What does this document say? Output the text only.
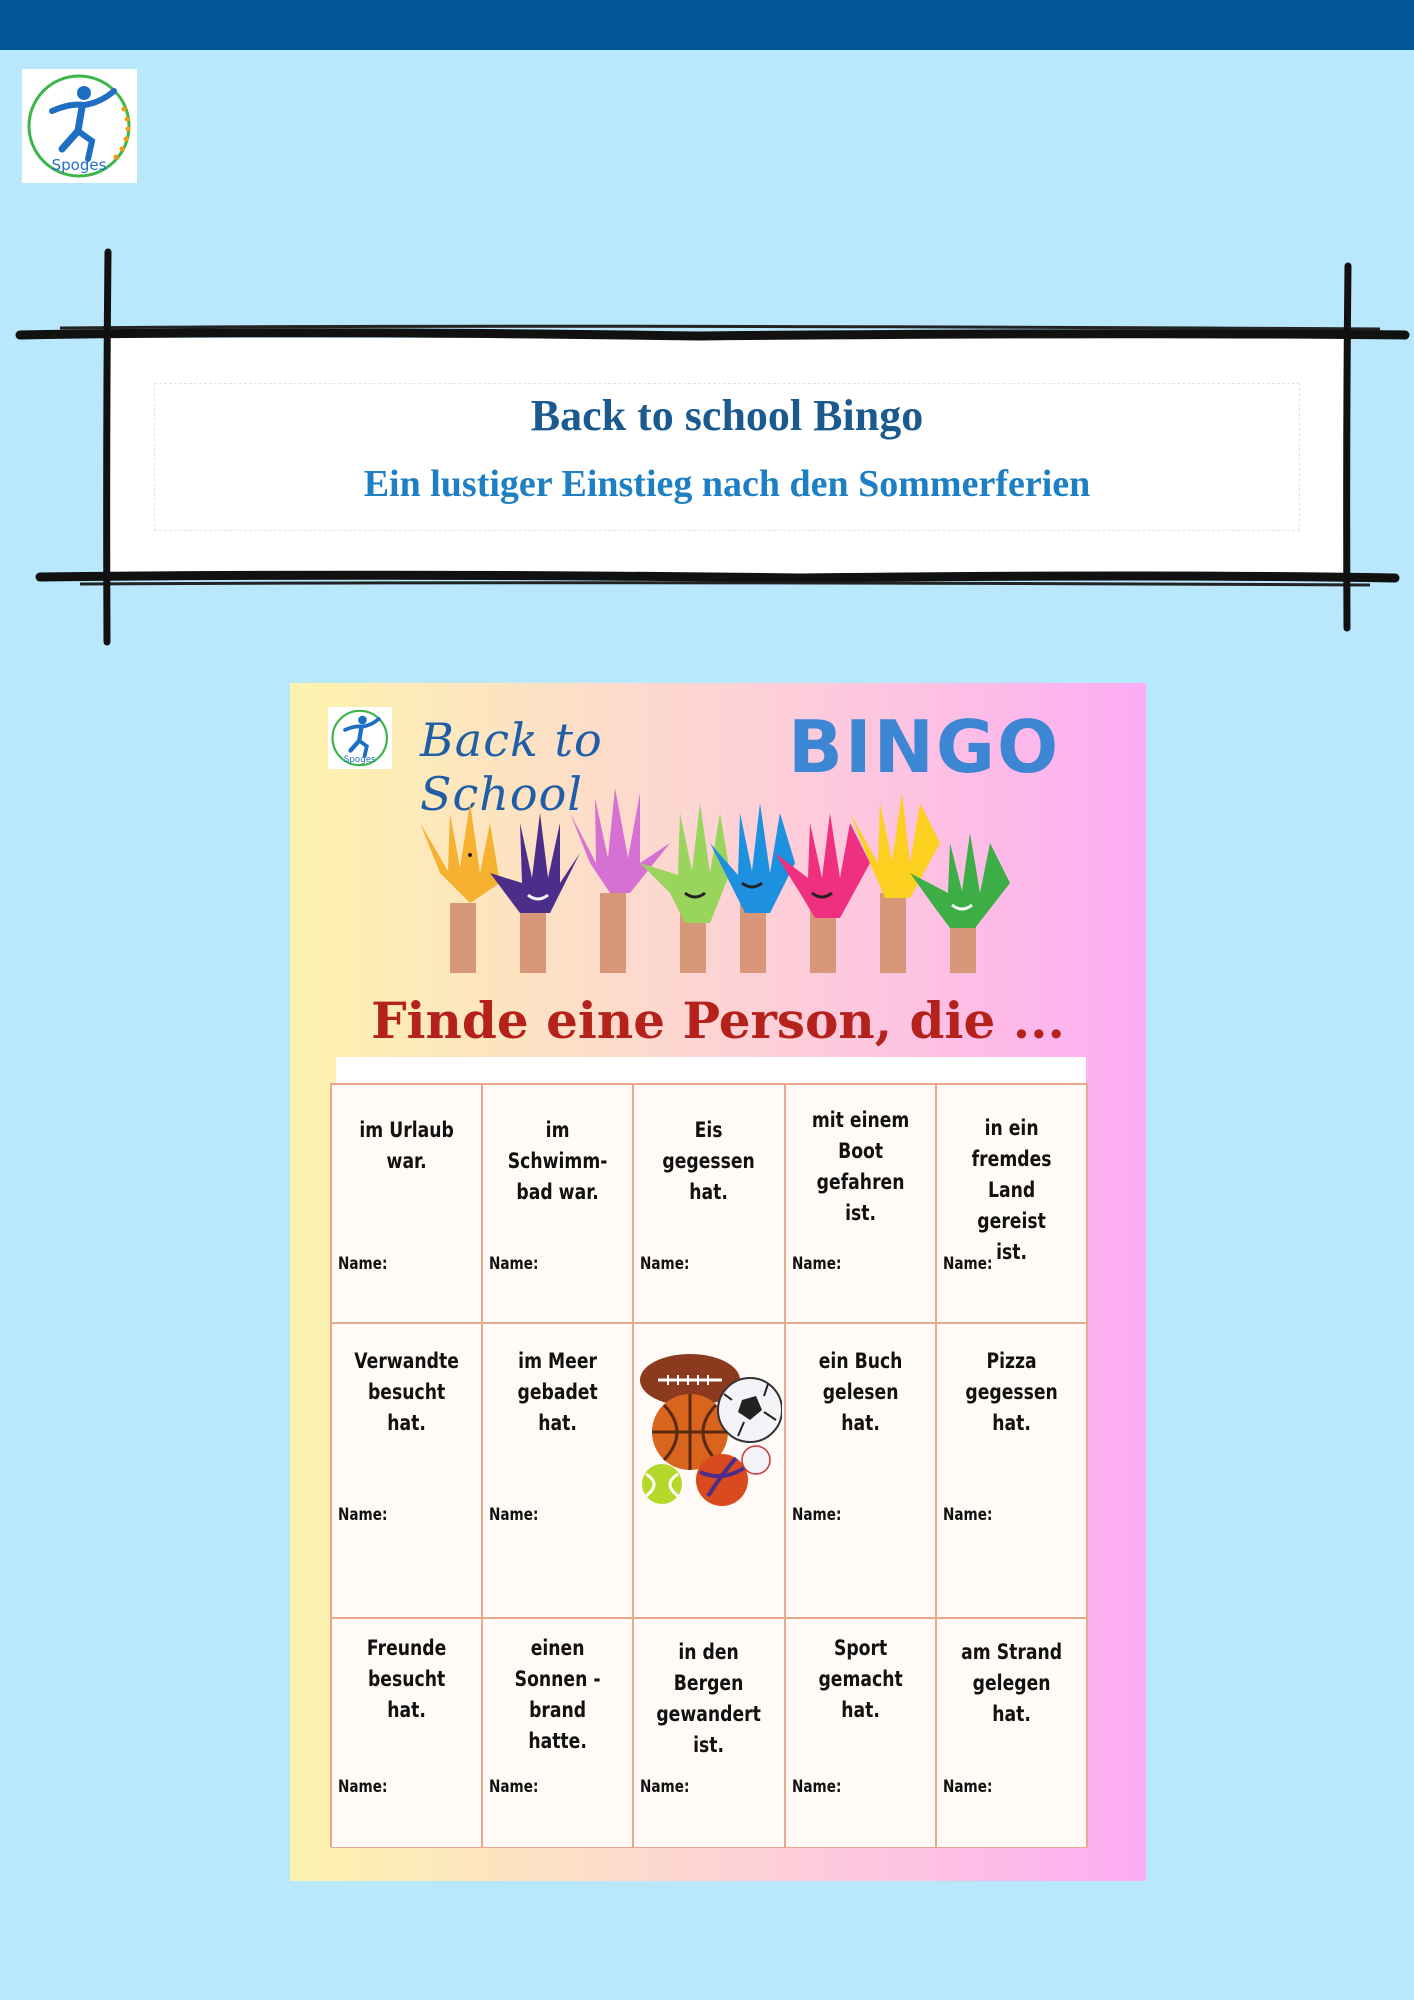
Spoges
Back to school Bingo
Ein lustiger Einstieg nach den Sommerferien
Spoges Back to School
BINGO
Finde eine Person, die ...
im Urlaub
war.
Name:
im
Schwimm-
bad war.
Name:
Eis
gegessen
hat.
Name:
mit einem
Boot
gefahren ist.
Name:
in ein
fremdes
Land gereist
ist.
Name:
Verwandte
besucht hat.
Name:
im Meer
gebadet hat.
Name:
ein Buch
gelesen hat.
Name:
Pizza
gegessen
hat.
Name:
Freunde
besucht hat.
Name:
einen
Sonnen -
brand hatte.
Name:
in den
Bergen
gewandert
ist.
Name:
Sport
gemacht
hat.
Name:
am Strand
gelegen hat.
Name:
